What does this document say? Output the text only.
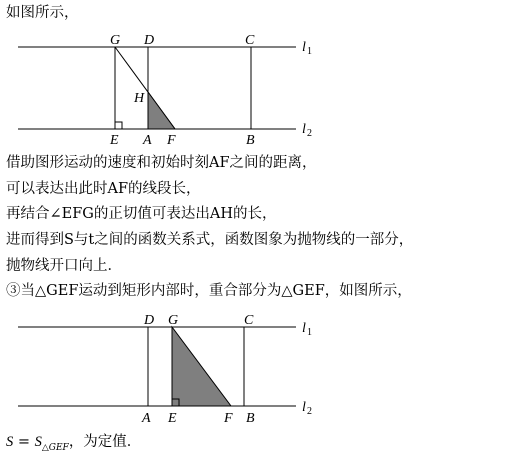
如图所示，
G D	C
H
E A F	B
l 1
l 2
借助图形运动的速度和初始时刻AF之间的距离，
可以表达出此时AF的线段长，
再结合∠EFG的正切值可表达出AH的长，
进而得到S与t之间的函数关系式，函数图象为抛物线的一部分，
抛物线开口向上．
③当△GEF运动到矩形内部时，重合部分为△GEF，如图所示，
D G	C
A E	F B
l 1
l 2
$S = S_{\triangle GEF}$，为定值．
